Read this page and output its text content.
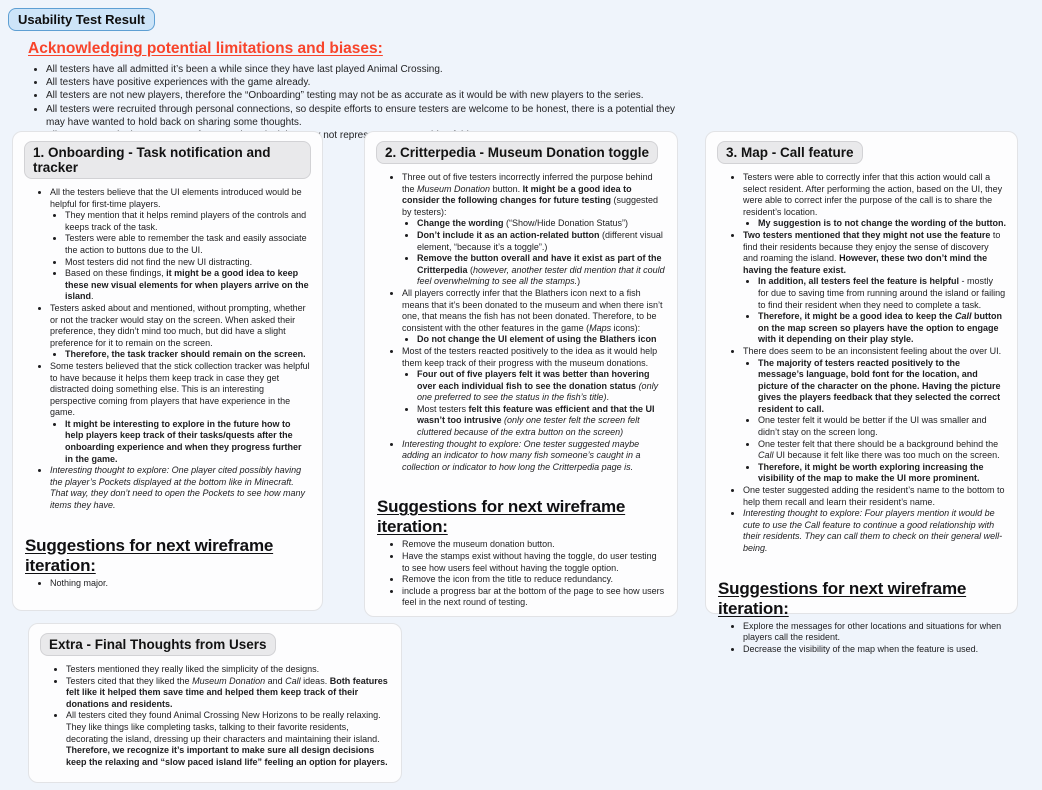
Usability Test Result
Acknowledging potential limitations and biases:
• All testers have all admitted it’s been a while since they have last played Animal Crossing.
• All testers have positive experiences with the game already.
• All testers are not new players, therefore the “Onboarding” testing may not be as accurate as it would be with new players to the series.
• All testers were recruited through personal connections, so despite efforts to ensure testers are welcome to be honest, there is a potential they may have wanted to hold back on sharing some thoughts.
• not represent
1. Onboarding - Task notification and tracker
• All the testers believe that the UI elements introduced would be helpful for first-time players.
• They mention that it helps remind players of the controls and keeps track of the task.
• Testers were able to remember the task and easily associate the action to buttons due to the UI.
• Most testers did not find the new UI distracting.
• Based on these findings, it might be a good idea to keep these new visual elements for when players arrive on the island.
• Testers asked about and mentioned, without prompting, whether or not the tracker would stay on the screen. When asked their preference, they didn’t mind too much, but did have a slight preference for it to remain on the screen.
• Therefore, the task tracker should remain on the screen.
• Some testers believed that the stick collection tracker was helpful to have because it helps them keep track in case they get distracted doing something else. This is an interesting perspective coming from players that have experience in the game.
• It might be interesting to explore in the future how to help players keep track of their tasks/quests after the onboarding experience and when they progress further in the game.
• Interesting thought to explore: One player cited possibly having the player’s Pockets displayed at the bottom like in Minecraft. That way, they don’t need to open the Pockets to see how many items they have.
Suggestions for next wireframe iteration:
• Nothing major.
2. Critterpedia - Museum Donation toggle
• Three out of five testers incorrectly inferred the purpose behind the Museum Donation button. It might be a good idea to consider the following changes for future testing (suggested by testers):
• Change the wording (“Show/Hide Donation Status”)
• Don’t include it as an action-related button (different visual element, “because it’s a toggle”.)
• Remove the button overall and have it exist as part of the Critterpedia (however, another tester did mention that it could feel overwhelming to see all the stamps.)
• All players correctly infer that the Blathers icon next to a fish means that it’s been donated to the museum and when there isn’t one, that means the fish has not been donated. Therefore, to be consistent with the other features in the game (Maps icons):
• Do not change the UI element of using the Blathers icon
• Most of the testers reacted positively to the idea as it would help them keep track of their progress with the museum donations.
• Four out of five players felt it was better than hovering over each individual fish to see the donation status (only one preferred to see the status in the fish’s title).
• Most testers felt this feature was efficient and that the UI wasn’t too intrusive (only one tester felt the screen felt cluttered because of the extra button on the screen)
• Interesting thought to explore: One tester suggested maybe adding an indicator to how many fish someone’s caught in a collection or indicator to how long the Critterpedia page is.
Suggestions for next wireframe iteration:
• Remove the museum donation button.
• Have the stamps exist without having the toggle, do user testing to see how users feel without having the toggle option.
• Remove the icon from the title to reduce redundancy.
• include a progress bar at the bottom of the page to see how users feel in the next round of testing.
3. Map - Call feature
• Testers were able to correctly infer that this action would call a select resident. After performing the action, based on the UI, they were able to correct infer the purpose of the call is to share the resident’s location.
• My suggestion is to not change the wording of the button.
• Two testers mentioned that they might not use the feature to find their residents because they enjoy the sense of discovery and roaming the island. However, these two don’t mind the having the feature exist.
• In addition, all testers feel the feature is helpful - mostly for due to saving time from running around the island or failing to find their resident when they need to complete a task.
• Therefore, it might be a good idea to keep the Call button on the map screen so players have the option to engage with it depending on their play style.
• There does seem to be an inconsistent feeling about the over UI.
• The majority of testers reacted positively to the message’s language, bold font for the location, and picture of the character on the phone. Having the picture gives the players feedback that they selected the correct resident to call.
• One tester felt it would be better if the UI was smaller and didn’t stay on the screen long.
• One tester felt that there should be a background behind the Call UI because it felt like there was too much on the screen.
• Therefore, it might be worth exploring increasing the visibility of the map to make the UI more prominent.
• One tester suggested adding the resident’s name to the bottom to help them recall and learn their resident’s name.
• Interesting thought to explore: Four players mention it would be cute to use the Call feature to continue a good relationship with their residents. They can call them to check on their general well-being.
Suggestions for next wireframe iteration:
• Explore the messages for other locations and situations for when players call the resident.
• Decrease the visibility of the map when the feature is used.
Extra - Final Thoughts from Users
• Testers mentioned they really liked the simplicity of the designs.
• Testers cited that they liked the Museum Donation and Call ideas. Both features felt like it helped them save time and helped them keep track of their donations and residents.
• All testers cited they found Animal Crossing New Horizons to be really relaxing. They like things like completing tasks, talking to their favorite residents, decorating the island, dressing up their characters and maintaining their island. Therefore, we recognize it’s important to make sure all design decisions keep the relaxing and “slow paced island life” feeling an option for players.
